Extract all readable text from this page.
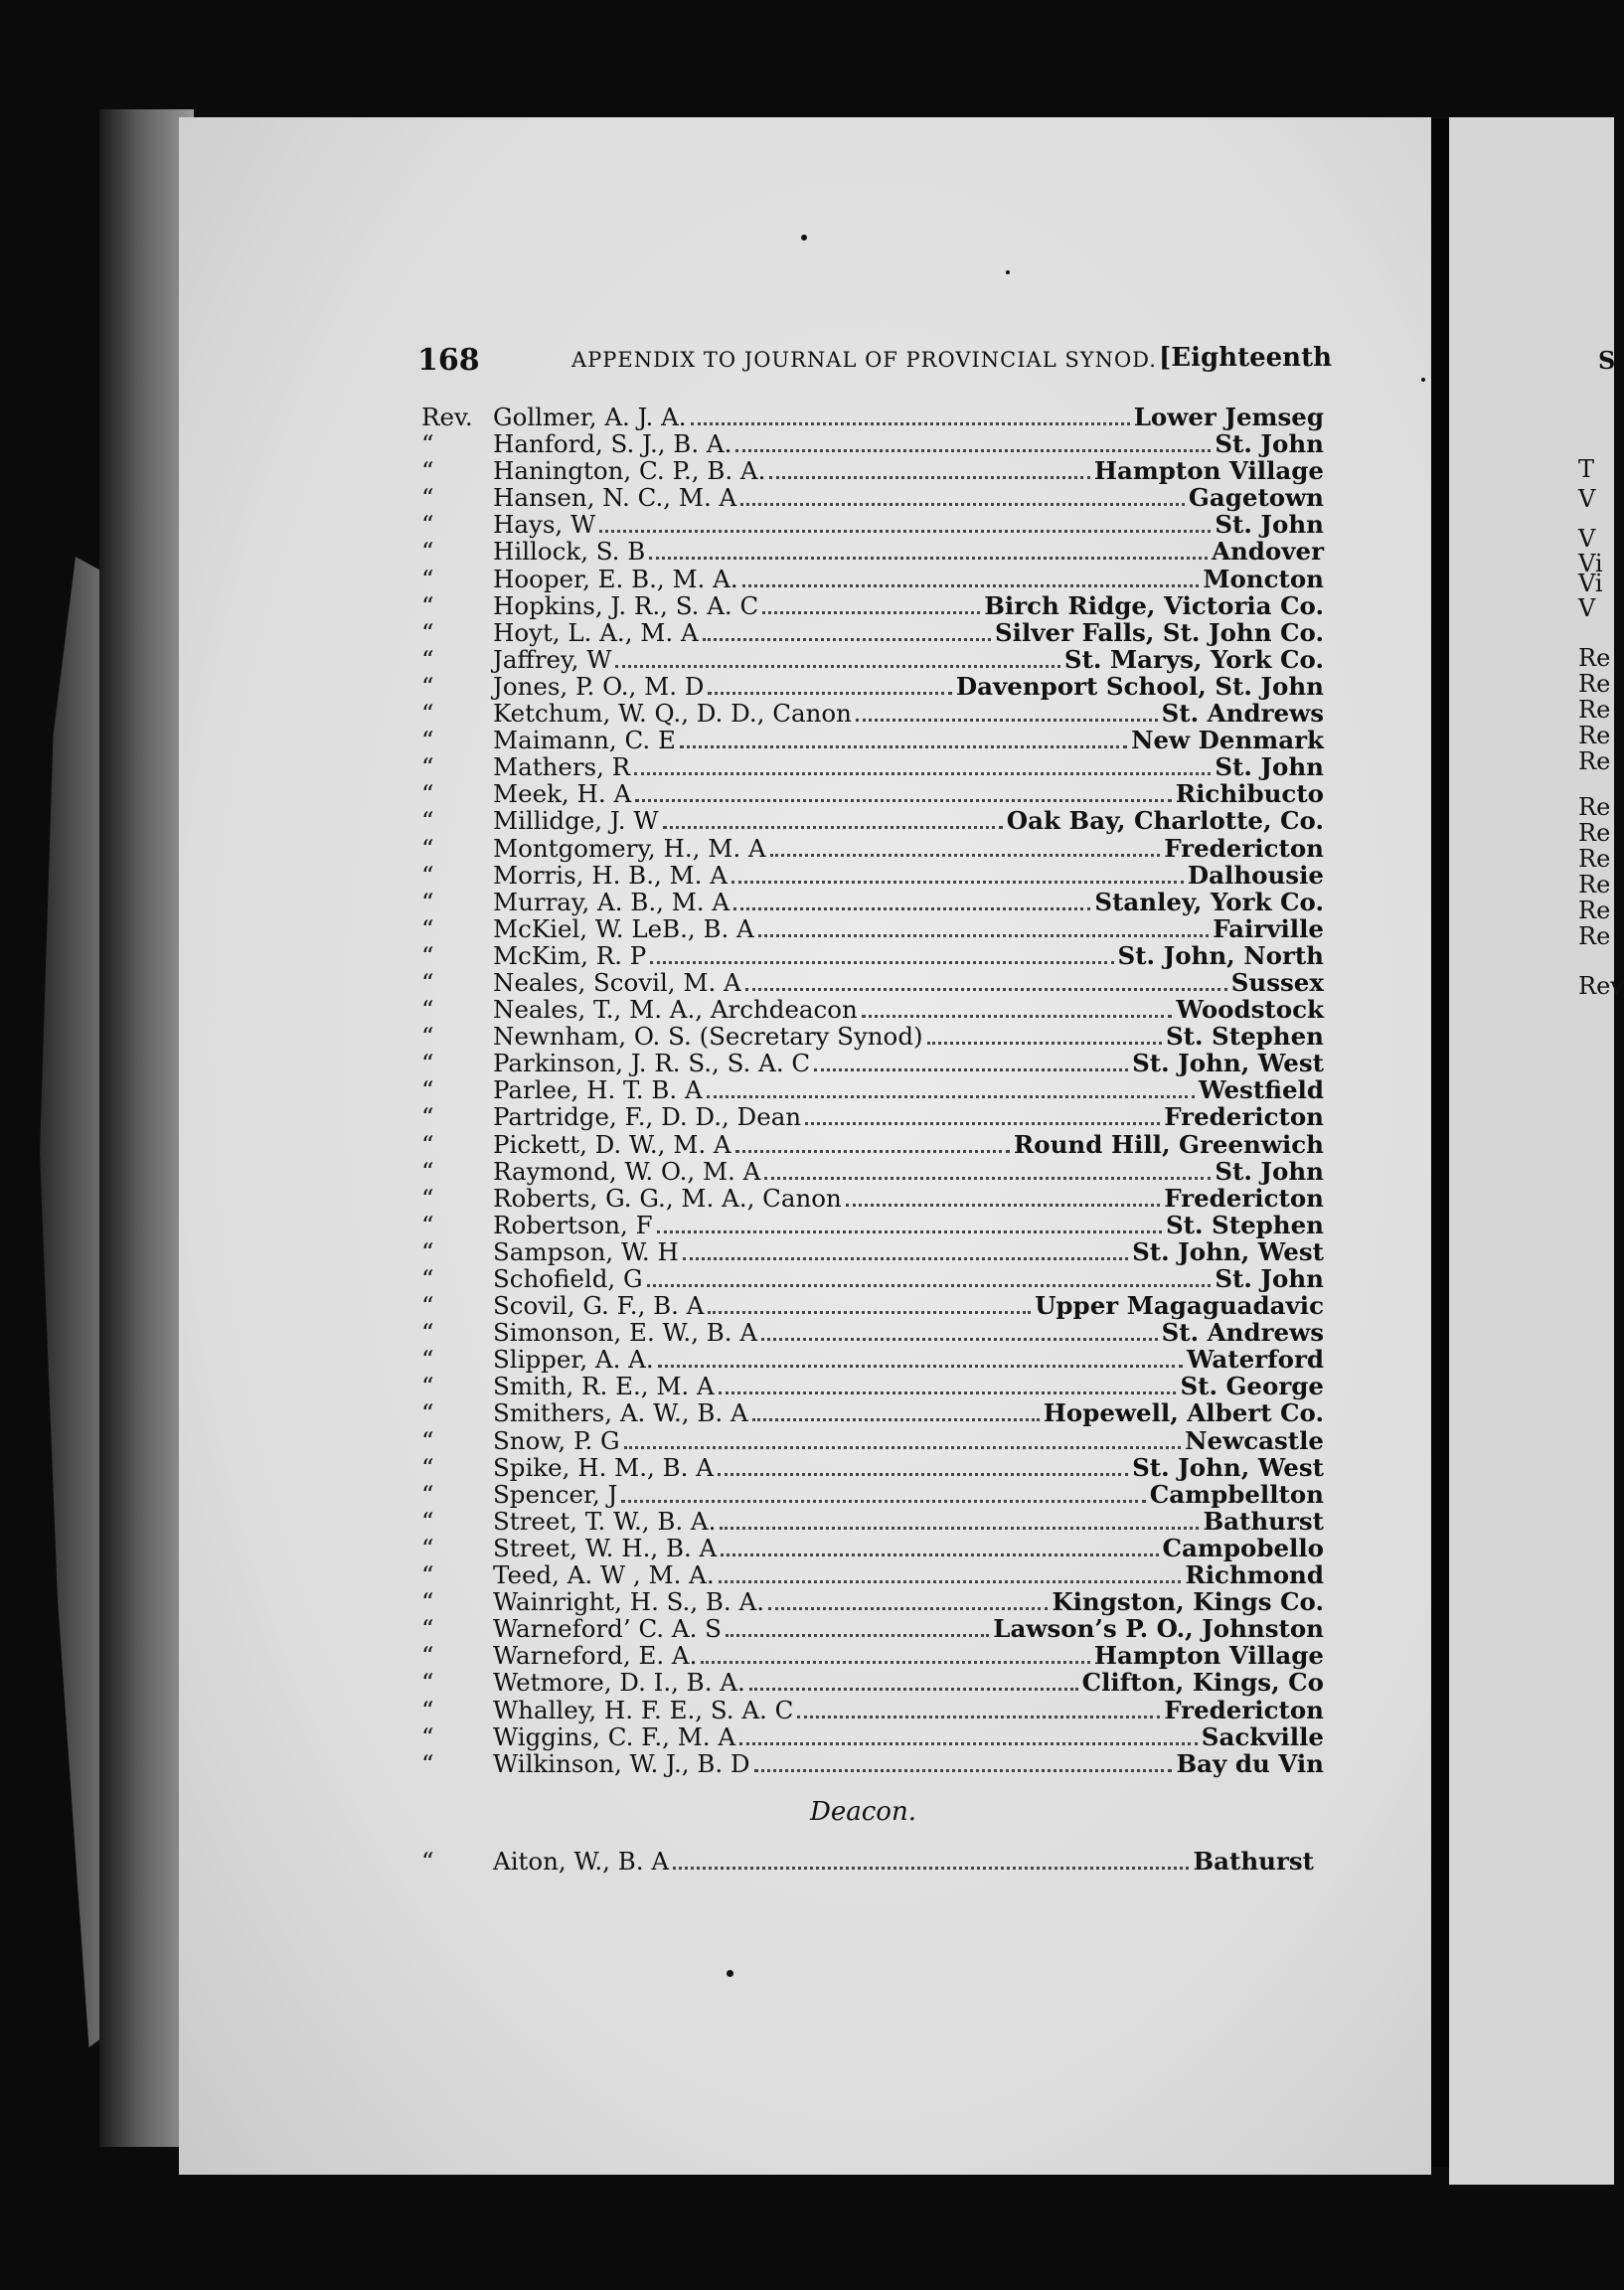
S
T
V
V
Vi
Vi
V
Re
Re
Re
Re
Re
Re
Re
Re
Re
Re
Re
Rev
168	APPENDIX TO JOURNAL OF PROVINCIAL SYNOD. [Eighteenth
Rev. Gollmer, A. J. A.	Lower Jemseg
“	Hanford, S. J., B. A.	St. John
“	Hanington, C. P., B. A.	Hampton Village
“	Hansen, N. C., M. A	Gagetown
“	Hays, W	St. John
“	Hillock, S. B	Andover
“	Hooper, E. B., M. A.	Moncton
“	Hopkins, J. R., S. A. C	Birch Ridge, Victoria Co.
“	Hoyt, L. A., M. A	Silver Falls, St. John Co.
“	Jaffrey, W	St. Marys, York Co.
“	Jones, P. O., M. D	Davenport School, St. John
“	Ketchum, W. Q., D. D., Canon	St. Andrews
“	Maimann, C. E	New Denmark
“	Mathers, R	St. John
“	Meek, H. A	Richibucto
“	Millidge, J. W	Oak Bay, Charlotte, Co.
“	Montgomery, H., M. A	Fredericton
“	Morris, H. B., M. A	Dalhousie
“	Murray, A. B., M. A	Stanley, York Co.
“	McKiel, W. LeB., B. A	Fairville
“	McKim, R. P	St. John, North
“	Neales, Scovil, M. A	Sussex
“	Neales, T., M. A., Archdeacon	Woodstock
“	Newnham, O. S. (Secretary Synod)	St. Stephen
“	Parkinson, J. R. S., S. A. C	St. John, West
“	Parlee, H. T. B. A	Westfield
“	Partridge, F., D. D., Dean	Fredericton
“	Pickett, D. W., M. A	Round Hill, Greenwich
“	Raymond, W. O., M. A	St. John
“	Roberts, G. G., M. A., Canon	Fredericton
“	Robertson, F	St. Stephen
“	Sampson, W. H	St. John, West
“	Schofield, G	St. John
“	Scovil, G. F., B. A	Upper Magaguadavic
“	Simonson, E. W., B. A	St. Andrews
“	Slipper, A. A.	Waterford
“	Smith, R. E., M. A	St. George
“	Smithers, A. W., B. A	Hopewell, Albert Co.
“	Snow, P. G	Newcastle
“	Spike, H. M., B. A	St. John, West
“	Spencer, J	Campbellton
“	Street, T. W., B. A.	Bathurst
“	Street, W. H., B. A	Campobello
“	Teed, A. W , M. A.	Richmond
“	Wainright, H. S., B. A.	Kingston, Kings Co.
“	Warneford’ C. A. S	Lawson’s P. O., Johnston
“	Warneford, E. A.	Hampton Village
“	Wetmore, D. I., B. A.	Clifton, Kings, Co
“	Whalley, H. F. E., S. A. C	Fredericton
“	Wiggins, C. F., M. A	Sackville
“	Wilkinson, W. J., B. D	Bay du Vin
Deacon.
“	Aiton, W., B. A	Bathurst
